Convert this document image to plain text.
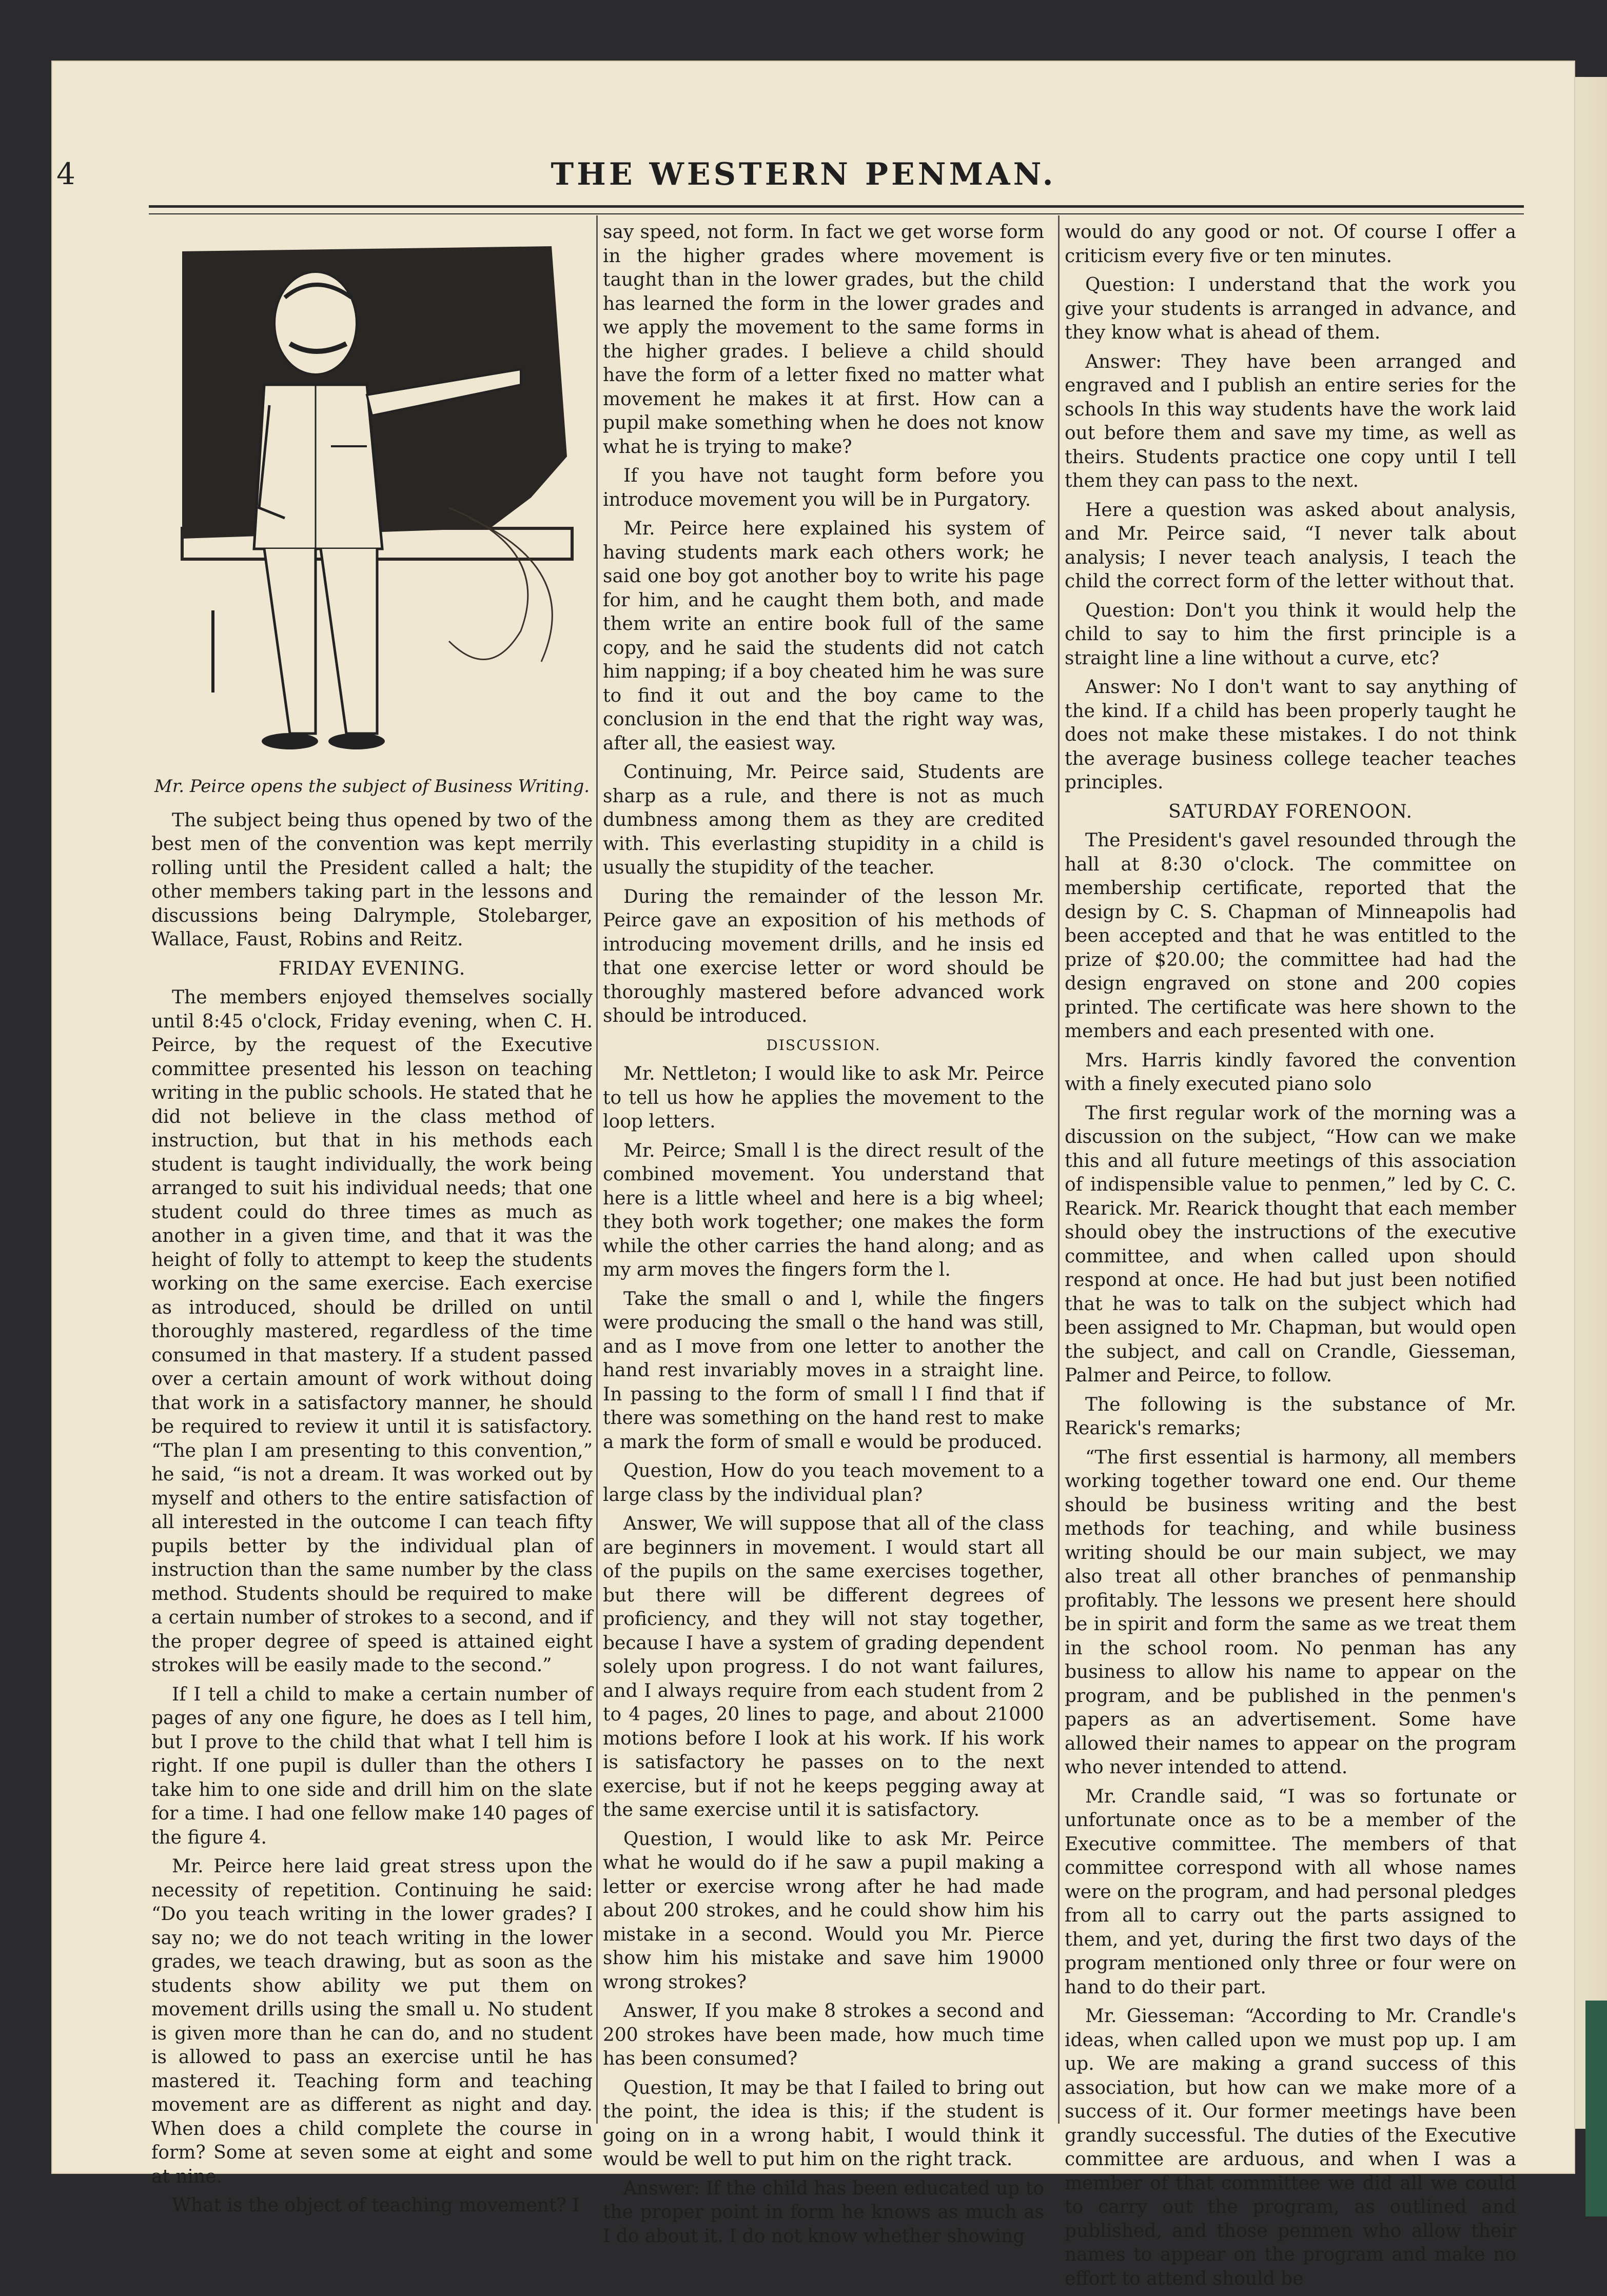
4	THE WESTERN PENMAN.
Mr. Peirce opens the subject of Business Writing.

The subject being thus opened by two of the best men of the convention was kept merrily rolling until the President called a halt; the other members taking part in the lessons and discussions being Dalrymple, Stolebarger, Wallace, Faust, Robins and Reitz.

FRIDAY EVENING.

The members enjoyed themselves socially until 8:45 o'clock, Friday evening, when C. H. Peirce, by the request of the Executive committee presented his lesson on teaching writing in the public schools. He stated that he did not believe in the class method of instruction, but that in his methods each student is taught individually, the work being arranged to suit his individual needs; that one student could do three times as much as another in a given time, and that it was the height of folly to attempt to keep the students working on the same exercise. Each exercise as introduced, should be drilled on until thoroughly mastered, regardless of the time consumed in that mastery. If a student passed over a certain amount of work without doing that work in a satisfactory manner, he should be required to review it until it is satisfactory. “The plan I am presenting to this convention,” he said, “is not a dream. It was worked out by myself and others to the entire satisfaction of all interested in the outcome I can teach fifty pupils better by the individual plan of instruction than the same number by the class method. Students should be required to make a certain number of strokes to a second, and if the proper degree of speed is attained eight strokes will be easily made to the second.”

If I tell a child to make a certain number of pages of any one figure, he does as I tell him, but I prove to the child that what I tell him is right. If one pupil is duller than the others I take him to one side and drill him on the slate for a time. I had one fellow make 140 pages of the figure 4.

Mr. Peirce here laid great stress upon the necessity of repetition. Continuing he said: “Do you teach writing in the lower grades? I say no; we do not teach writing in the lower grades, we teach drawing, but as soon as the students show ability we put them on movement drills using the small u. No student is given more than he can do, and no student is allowed to pass an exercise until he has mastered it. Teaching form and teaching movement are as different as night and day. When does a child complete the course in form? Some at seven some at eight and some at nine.

What is the object of teaching movement? I

say speed, not form. In fact we get worse form in the higher grades where movement is taught than in the lower grades, but the child has learned the form in the lower grades and we apply the movement to the same forms in the higher grades. I believe a child should have the form of a letter fixed no matter what movement he makes it at first. How can a pupil make something when he does not know what he is trying to make?

If you have not taught form before you introduce movement you will be in Purgatory.

Mr. Peirce here explained his system of having students mark each others work; he said one boy got another boy to write his page for him, and he caught them both, and made them write an entire book full of the same copy, and he said the students did not catch him napping; if a boy cheated him he was sure to find it out and the boy came to the conclusion in the end that the right way was, after all, the easiest way.

Continuing, Mr. Peirce said, Students are sharp as a rule, and there is not as much dumbness among them as they are credited with. This everlasting stupidity in a child is usually the stupidity of the teacher.

During the remainder of the lesson Mr. Peirce gave an exposition of his methods of introducing movement drills, and he insis ed that one exercise letter or word should be thoroughly mastered before advanced work should be introduced.

DISCUSSION.

Mr. Nettleton; I would like to ask Mr. Peirce to tell us how he applies the movement to the loop letters.

Mr. Peirce; Small l is the direct result of the combined movement. You understand that here is a little wheel and here is a big wheel; they both work together; one makes the form while the other carries the hand along; and as my arm moves the fingers form the l.

Take the small o and l, while the fingers were producing the small o the hand was still, and as I move from one letter to another the hand rest invariably moves in a straight line. In passing to the form of small l I find that if there was something on the hand rest to make a mark the form of small e would be produced.

Question, How do you teach movement to a large class by the individual plan?

Answer, We will suppose that all of the class are beginners in movement. I would start all of the pupils on the same exercises together, but there will be different degrees of proficiency, and they will not stay together, because I have a system of grading dependent solely upon progress. I do not want failures, and I always require from each student from 2 to 4 pages, 20 lines to page, and about 21000 motions before I look at his work. If his work is satisfactory he passes on to the next exercise, but if not he keeps pegging away at the same exercise until it is satisfactory.

Question, I would like to ask Mr. Peirce what he would do if he saw a pupil making a letter or exercise wrong after he had made about 200 strokes, and he could show him his mistake in a second. Would you Mr. Pierce show him his mistake and save him 19000 wrong strokes?

Answer, If you make 8 strokes a second and 200 strokes have been made, how much time has been consumed?

Question, It may be that I failed to bring out the point, the idea is this; if the student is going on in a wrong habit, I would think it would be well to put him on the right track.

Answer: If the child has been educated up to the proper point in form he knows as much as I do about it. I do not know whether showing

would do any good or not. Of course I offer a criticism every five or ten minutes.

Question: I understand that the work you give your students is arranged in advance, and they know what is ahead of them.

Answer: They have been arranged and engraved and I publish an entire series for the schools In this way students have the work laid out before them and save my time, as well as theirs. Students practice one copy until I tell them they can pass to the next.

Here a question was asked about analysis, and Mr. Peirce said, “I never talk about analysis; I never teach analysis, I teach the child the correct form of the letter without that.

Question: Don't you think it would help the child to say to him the first principle is a straight line a line without a curve, etc?

Answer: No I don't want to say anything of the kind. If a child has been properly taught he does not make these mistakes. I do not think the average business college teacher teaches principles.

SATURDAY FORENOON.

The President's gavel resounded through the hall at 8:30 o'clock. The committee on membership certificate, reported that the design by C. S. Chapman of Minneapolis had been accepted and that he was entitled to the prize of $20.00; the committee had had the design engraved on stone and 200 copies printed. The certificate was here shown to the members and each presented with one.

Mrs. Harris kindly favored the convention with a finely executed piano solo

The first regular work of the morning was a discussion on the subject, “How can we make this and all future meetings of this association of indispensible value to penmen,” led by C. C. Rearick. Mr. Rearick thought that each member should obey the instructions of the executive committee, and when called upon should respond at once. He had but just been notified that he was to talk on the subject which had been assigned to Mr. Chapman, but would open the subject, and call on Crandle, Giesseman, Palmer and Peirce, to follow.

The following is the substance of Mr. Rearick's remarks;

“The first essential is harmony, all members working together toward one end. Our theme should be business writing and the best methods for teaching, and while business writing should be our main subject, we may also treat all other branches of penmanship profitably. The lessons we present here should be in spirit and form the same as we treat them in the school room. No penman has any business to allow his name to appear on the program, and be published in the penmen's papers as an advertisement. Some have allowed their names to appear on the program who never intended to attend.

Mr. Crandle said, “I was so fortunate or unfortunate once as to be a member of the Executive committee. The members of that committee correspond with all whose names were on the program, and had personal pledges from all to carry out the parts assigned to them, and yet, during the first two days of the program mentioned only three or four were on hand to do their part.

Mr. Giesseman: “According to Mr. Crandle's ideas, when called upon we must pop up. I am up. We are making a grand success of this association, but how can we make more of a success of it. Our former meetings have been grandly successful. The duties of the Executive committee are arduous, and when I was a member of that committee we did all we could to carry out the program, as outlined and published, and those penmen who allow their names to appear on the program and make no effort to attend should be
